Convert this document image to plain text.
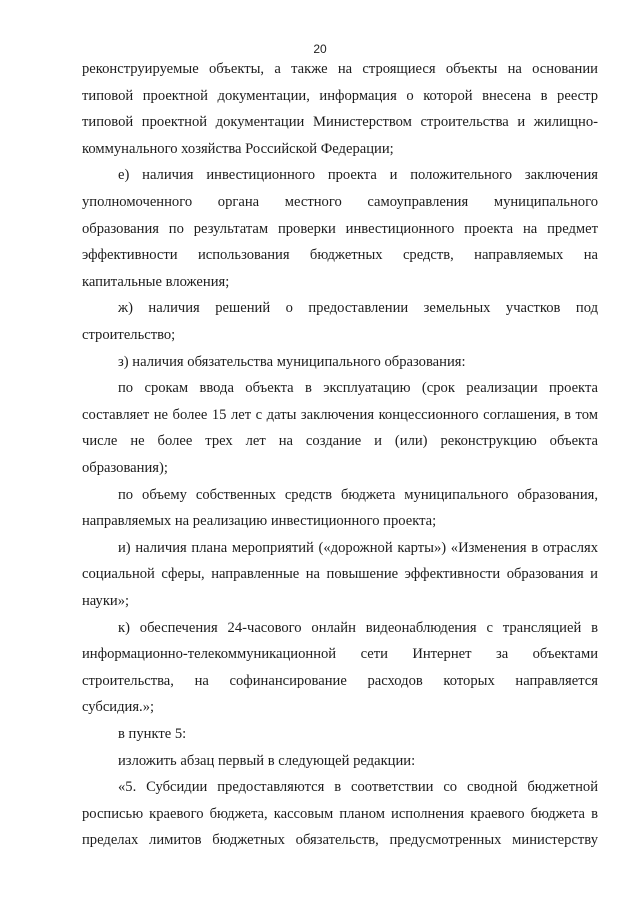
20
реконструируемые объекты, а также на строящиеся объекты на основании
типовой проектной документации, информация о которой внесена в реестр
типовой проектной документации Министерством строительства и жилищно-
коммунального хозяйства Российской Федерации;
е) наличия инвестиционного проекта и положительного заключения
уполномоченного органа местного самоуправления муниципального
образования по результатам проверки инвестиционного проекта на предмет
эффективности использования бюджетных средств, направляемых на
капитальные вложения;
ж) наличия решений о предоставлении земельных участков под
строительство;
з) наличия обязательства муниципального образования:
по срокам ввода объекта в эксплуатацию (срок реализации проекта
составляет не более 15 лет с даты заключения концессионного соглашения, в том
числе не более трех лет на создание и (или) реконструкцию объекта
образования);
по объему собственных средств бюджета муниципального образования,
направляемых на реализацию инвестиционного проекта;
и) наличия плана мероприятий («дорожной карты») «Изменения в отраслях
социальной сферы, направленные на повышение эффективности образования и
науки»;
к) обеспечения 24-часового онлайн видеонаблюдения с трансляцией в
информационно-телекоммуникационной сети Интернет за объектами
строительства, на софинансирование расходов которых направляется
субсидия.»;
в пункте 5:
изложить абзац первый в следующей редакции:
«5. Субсидии предоставляются в соответствии со сводной бюджетной
росписью краевого бюджета, кассовым планом исполнения краевого бюджета в
пределах лимитов бюджетных обязательств, предусмотренных министерству
